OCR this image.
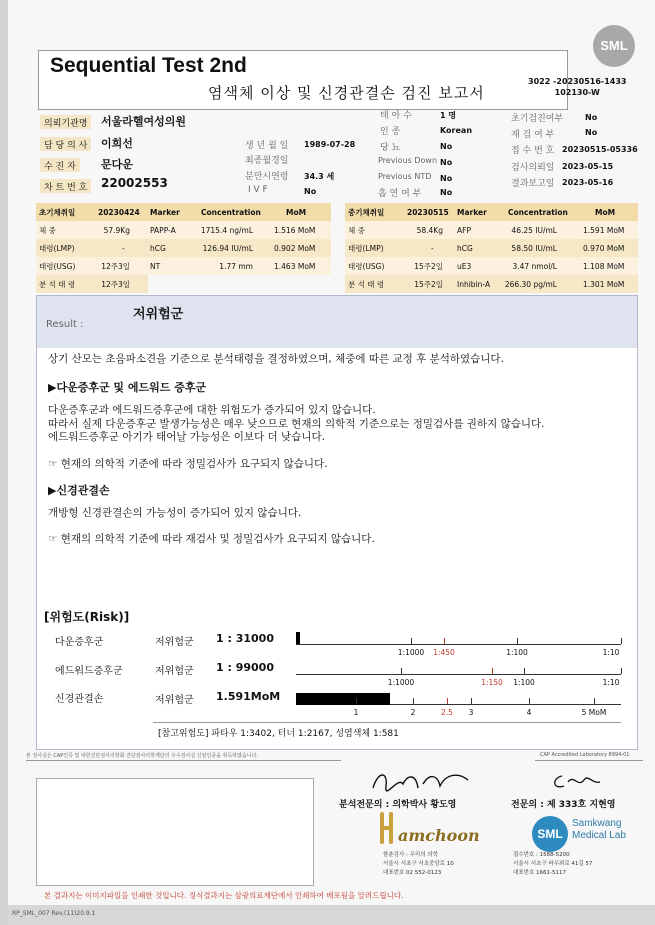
SML
Sequential Test 2nd
염색체 이상 및 신경관결손 검진 보고서
3022 -20230516-1433
102130-W
의뢰기관명	서울라헬여성의원
담 당 의 사	이희선
수 진 자	문다운
차 트 번 호	22002553
생 년 월 일 1989-07-28
최종월경일
분만시연령 34.3 세
I V F	No
태 아 수	1 명
인 종	Korean
당 뇨	No
Previous Down No
Previous NTD No
흡 연 여 부 No
초기검진여부	No
재 검 여 부	No
접 수 번 호 20230515-05336
검사의뢰일 2023-05-15
결과보고일 2023-05-16
초기채취일	20230424 Marker	Concentration	MoM
체 중	57.9Kg	PAPP-A	1715.4 ng/mL	1.516 MoM
태령(LMP)	-	hCG	126.94 IU/mL	0.902 MoM
태령(USG)	12주3일	NT	1.77 mm	1.463 MoM
분 석 태 령	12주3일
중기채취일	20230515 Marker	Concentration	MoM
체 중	58.4Kg AFP	46.25 IU/mL	1.591 MoM
태령(LMP)	-	hCG	58.50 IU/mL	0.970 MoM
태령(USG)	15주2일 uE3	3.47 nmol/L	1.108 MoM
분 석 태 령	15주2일 Inhibin-A 266.30 pg/mL	1.301 MoM
Result :
저위험군
상기 산모는 초음파소견을 기준으로 분석태령을 결정하였으며, 체중에 따른 교정 후 분석하였습니다.
▶다운증후군 및 에드워드 증후군
다운증후군과 에드워드증후군에 대한 위험도가 증가되어 있지 않습니다.
따라서 실제 다운증후군 발생가능성은 매우 낮으므로 현재의 의학적 기준으로는 정밀검사를 권하지 않습니다.
에드워드증후군 아기가 태어날 가능성은 이보다 더 낮습니다.
☞ 현재의 의학적 기준에 따라 정밀검사가 요구되지 않습니다.
▶신경관결손
개방형 신경관결손의 가능성이 증가되어 있지 않습니다.
☞ 현재의 의학적 기준에 따라 재검사 및 정밀검사가 요구되지 않습니다.
[위험도(Risk)]
다운증후군	저위험군 1 : 31000
1:1000 1:450	1:100	1:10
에드워드증후군	저위험군 1 : 99000
1:1000	1:150 1:100	1:10
신경관결손	저위험군 1.591MoM
1	2	2.5 3	4	5 MoM
[참고위험도] 파타우 1:3402, 터너 1:2167, 성염색체 1:581
본 검사실은 CAP인증 및 대한진단검사의학회 진단검사의학재단의 우수검사실 신임인증을 취득하였습니다.	CAP Accredited Laboratory 8994-01
분석전문의 : 의학박사 황도영	전문의 : 제 333호 지현영
amchoon
함춘검사 : 우리의 의학
서울시 서초구 서초중앙로 10
대표번호 02 552-0123
SML
Samkwang Medical Lab
접수번호 : 1588-5200
서울시 서초구 바우뫼로 41길 57
대표번호 1661-5117
본 결과지는 이미지파일을 인쇄한 것입니다. 정식결과지는 삼광의료재단에서 인쇄하여 배포됨을 알려드립니다.
RP_SML_007 Rev.(11)20.9.1
